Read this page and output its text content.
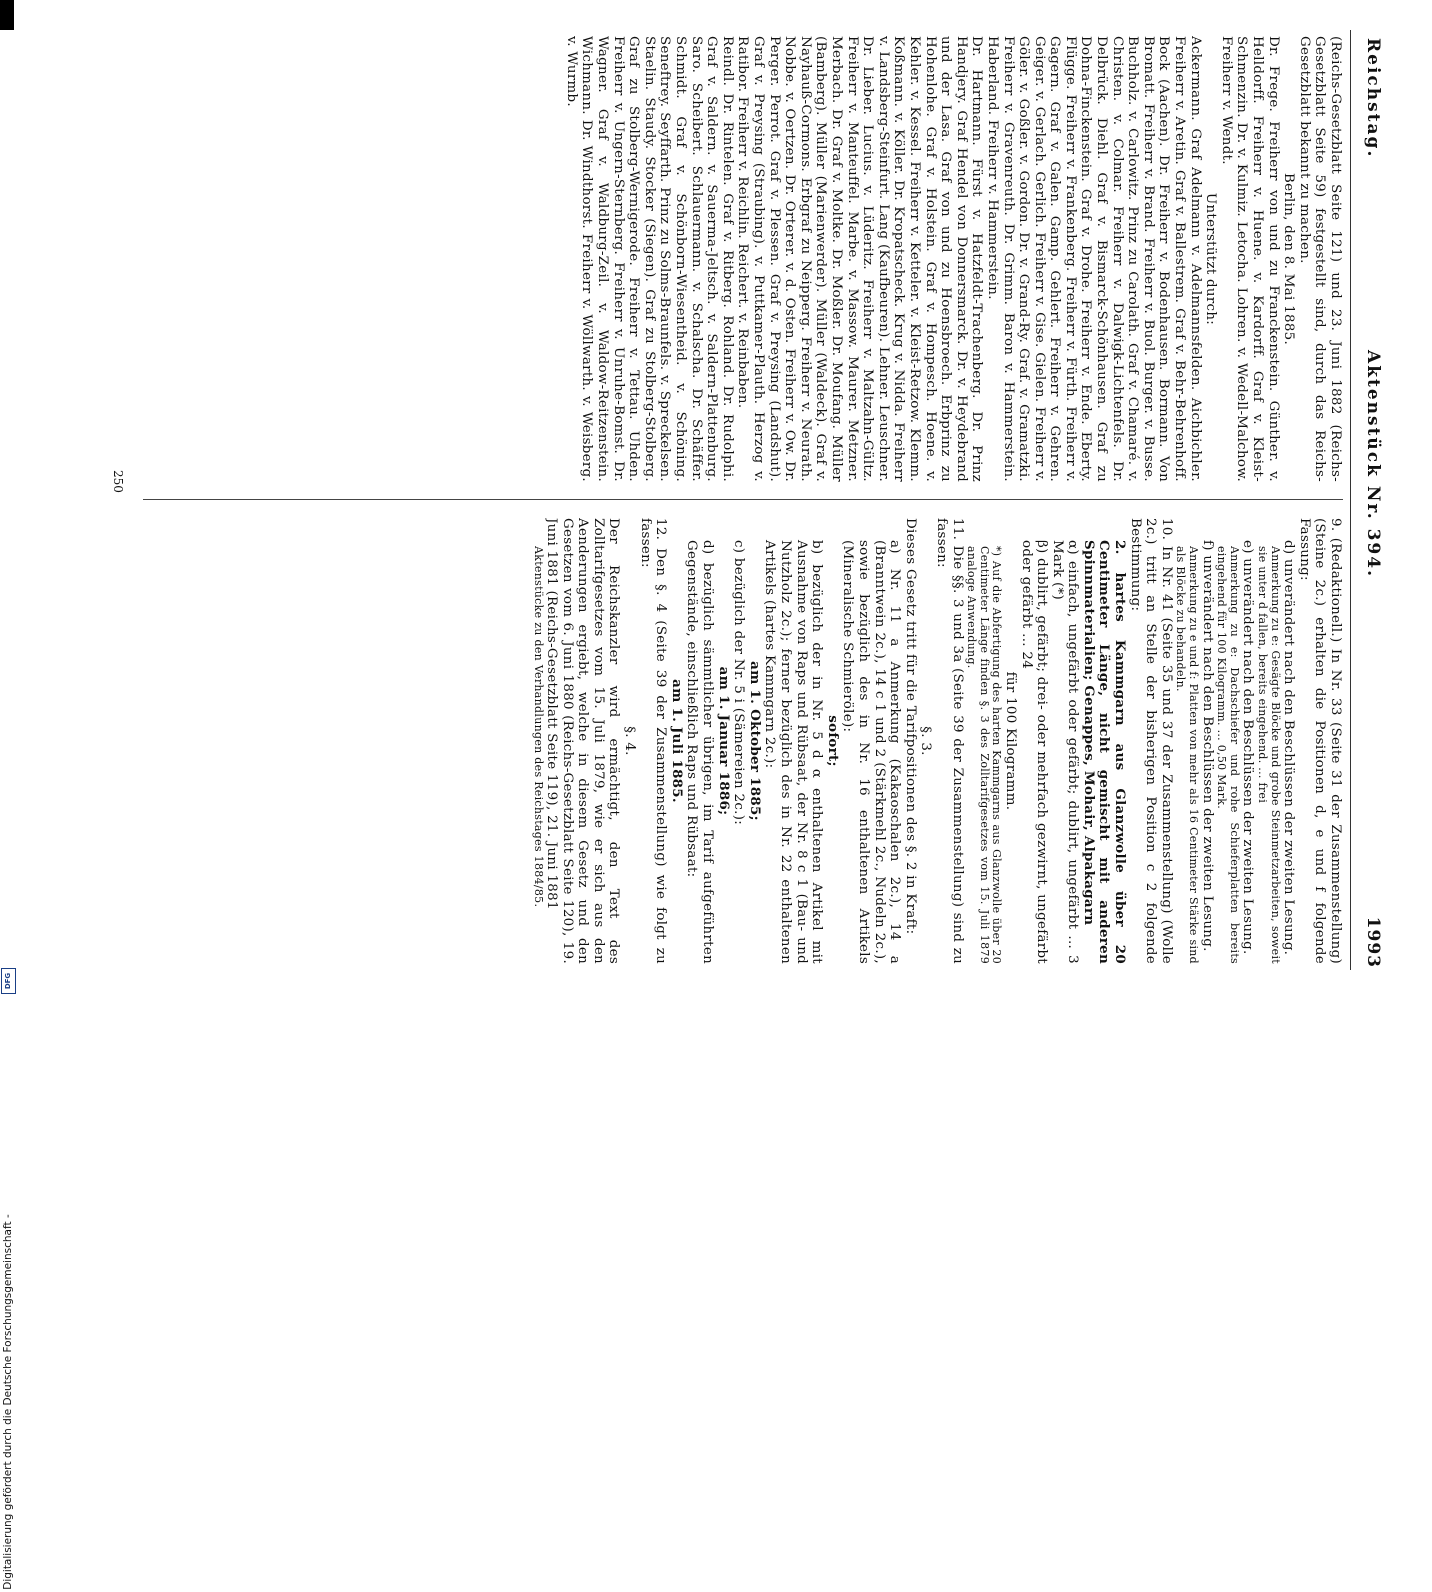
Digitalisierung gefördert durch die Deutsche Forschungsgemeinschaft -
DFG
Reichstag.
Aktenstück Nr. 394.
1993

(Reichs-Gesetzblatt Seite 121) und 23. Juni 1882 (Reichs-Gesetzblatt Seite 59) festgestellt sind, durch das Reichs-Gesetzblatt bekannt zu machen.

Berlin, den 8. Mai 1885.

Dr. Frege. Freiherr von und zu Franckenstein. Günther. v. Helldorff. Freiherr v. Huene. v. Kardorff. Graf v. Kleist-Schmenzin. Dr. v. Kulmiz. Letocha. Lohren. v. Wedell-Malchow. Freiherr v. Wendt.

Unterstützt durch:

Ackermann. Graf Adelmann v. Adelmannsfelden. Aichbichler. Freiherr v. Aretin. Graf v. Ballestrem. Graf v. Behr-Behrenhoff. Bock (Aachen). Dr. Freiherr v. Bodenhausen. Bormann. Von Bromatt. Freiherr v. Brand. Freiherr v. Buol. Burger. v. Busse. Buchholz. v. Carlowitz. Prinz zu Carolath. Graf v. Chamaré. v. Christen. v. Colmar. Freiherr v. Dalwigk-Lichtenfels. Dr. Delbrück. Diehl. Graf v. Bismarck-Schönhausen. Graf zu Dohna-Finckenstein. Graf v. Drohe. Freiherr v. Ende. Eberty. Flügge. Freiherr v. Frankenberg. Freiherr v. Fürth. Freiherr v. Gagern. Graf v. Galen. Gamp. Gehlert. Freiherr v. Gehren. Geiger. v. Gerlach. Gerlich. Freiherr v. Gise. Gielen. Freiherr v. Göler. v. Goßler. v. Gordon. Dr. v. Grand-Ry. Graf. v. Gramatzki. Freiherr v. Gravenreuth. Dr. Grimm. Baron v. Hammerstein. Haberland. Freiherr v. Hammerstein.

Dr. Hartmann. Fürst v. Hatzfeldt-Trachenberg. Dr. Prinz Handjery. Graf Hendel von Donnersmarck. Dr. v. Heydebrand und der Lasa. Graf von und zu Hoensbroech. Erbprinz zu Hohenlohe. Graf v. Holstein. Graf v. Hompesch. Hoene. v. Kehler. v. Kessel. Freiherr v. Ketteler. v. Kleist-Retzow. Klemm. Koßmann. v. Köller. Dr. Kropatscheck. Krug v. Nidda. Freiherr v. Landsberg-Steinfurt. Lang (Kaufbeuren). Lehner. Leuschner. Dr. Lieber. Lucius. v. Lüderitz. Freiherr v. Maltzahn-Gültz. Freiherr v. Manteuffel. Marbe. v. Massow. Maurer. Metzner. Merbach. Dr. Graf v. Moltke. Dr. Moßler. Dr. Moufang. Müller (Bamberg). Müller (Marienwerder). Müller (Waldeck). Graf v. Nayhauß-Cormons. Erbgraf zu Neipperg. Freiherr v. Neurath. Nobbe. v. Oertzen. Dr. Orterer. v. d. Osten. Freiherr v. Ow. Dr. Perger. Perrot. Graf v. Plessen. Graf v. Preysing (Landshut). Graf v. Preysing (Straubing). v. Puttkamer-Plauth. Herzog v. Ratibor. Freiherr v. Reichlin. Reichert. v. Reinbaben.

Reindl. Dr. Rintelen. Graf v. Ritberg. Rohland. Dr. Rudolphi. Graf v. Saldern. v. Sauerma-Jeltsch. v. Saldern-Plattenburg. Saro. Scheibert. Schlauermann. v. Schalscha. Dr. Schäffer. Schmidt. Graf v. Schönborn-Wiesentheid. v. Schöning. Seneftrey. Seyffarth. Prinz zu Solms-Braunfels. v. Spreckelsen. Staelin. Staudy. Stocker (Siegen). Graf zu Stolberg-Stolberg. Graf zu Stolberg-Wernigerode. Freiherr v. Tettau. Uhden. Freiherr v. Ungern-Sternberg. Freiherr v. Unruhe-Bomst. Dr. Wagner. Graf v. Waldburg-Zeil. v. Waldow-Reitzenstein. Wichmann. Dr. Windthorst. Freiherr v. Wöllwarth. v. Weisberg. v. Wurmb.

9. (Redaktionell.) In Nr. 33 (Seite 31 der Zusammenstellung) (Steine 2c.) erhalten die Positionen d, e und f folgende Fassung:

d) unverändert nach den Beschlüssen der zweiten Lesung.

Anmerkung zu e: Gesägte Blöcke und grobe Steinmetzarbeiten, soweit sie unter d fallen, bereits eingehend. ... frei

e) unverändert nach den Beschlüssen der zweiten Lesung.

Anmerkung zu e: Dachschiefer und rohe Schieferplatten bereits eingehend für 100 Kilogramm. ... 0,50 Mark.

f) unverändert nach den Beschlüssen der zweiten Lesung.

Anmerkung zu e und f: Platten von mehr als 16 Centimeter Stärke sind als Blöcke zu behandeln.

10. In Nr. 41 (Seite 35 und 37 der Zusammenstellung) (Wolle 2c.) tritt an Stelle der bisherigen Position c 2 folgende Bestimmung:

2. hartes Kammgarn aus Glanzwolle über 20 Centimeter Länge, nicht gemischt mit anderen Spinnmaterialien; Genappes, Mohair, Alpakagarn

α) einfach, ungefärbt oder gefärbt; dublirt, ungefärbt ... 3 Mark (*)

β) dublirt, gefärbt; drei- oder mehrfach gezwirnt, ungefärbt oder gefärbt ... 24

für 100 Kilogramm.

*) Auf die Abfertigung des harten Kammgarns aus Glanzwolle über 20 Centimeter Länge finden §. 3 des Zolltarifgesetzes vom 15. Juli 1879 analoge Anwendung.

11. Die §§. 3 und 3a (Seite 39 der Zusammenstellung) sind zu fassen:

§. 3.

Dieses Gesetz tritt für die Tarifpositionen des §. 2 in Kraft:

a) Nr. 11 a Anmerkung (Kakaoschalen 2c.), 14 a (Branntwein 2c.), 14 c 1 und 2 (Stärkmehl 2c., Nudeln 2c.), sowie bezüglich des in Nr. 16 enthaltenen Artikels (Mineralische Schmieröle):

sofort;

b) bezüglich der in Nr. 5 d α enthaltenen Artikel mit Ausnahme von Raps und Rübsaat, der Nr. 8 c 1 (Bau- und Nutzholz 2c.); ferner bezüglich des in Nr. 22 enthaltenen Artikels (hartes Kammgarn 2c.):

am 1. Oktober 1885;

c) bezüglich der Nr. 5 i (Sämereien 2c.):

am 1. Januar 1886;

d) bezüglich sämmtlicher übrigen, im Tarif aufgeführten Gegenstände, einschließlich Raps und Rübsaat:

am 1. Juli 1885.

12. Den §. 4 (Seite 39 der Zusammenstellung) wie folgt zu fassen:

§. 4.

Der Reichskanzler wird ermächtigt, den Text des Zolltarifgesetzes vom 15. Juli 1879, wie er sich aus den Aenderungen ergiebt, welche in diesem Gesetz und den Gesetzen vom 6. Juni 1880 (Reichs-Gesetzblatt Seite 120), 19. Juni 1881 (Reichs-Gesetzblatt Seite 119), 21. Juni 1881

Aktenstücke zu den Verhandlungen des Reichstages 1884/85.

250
